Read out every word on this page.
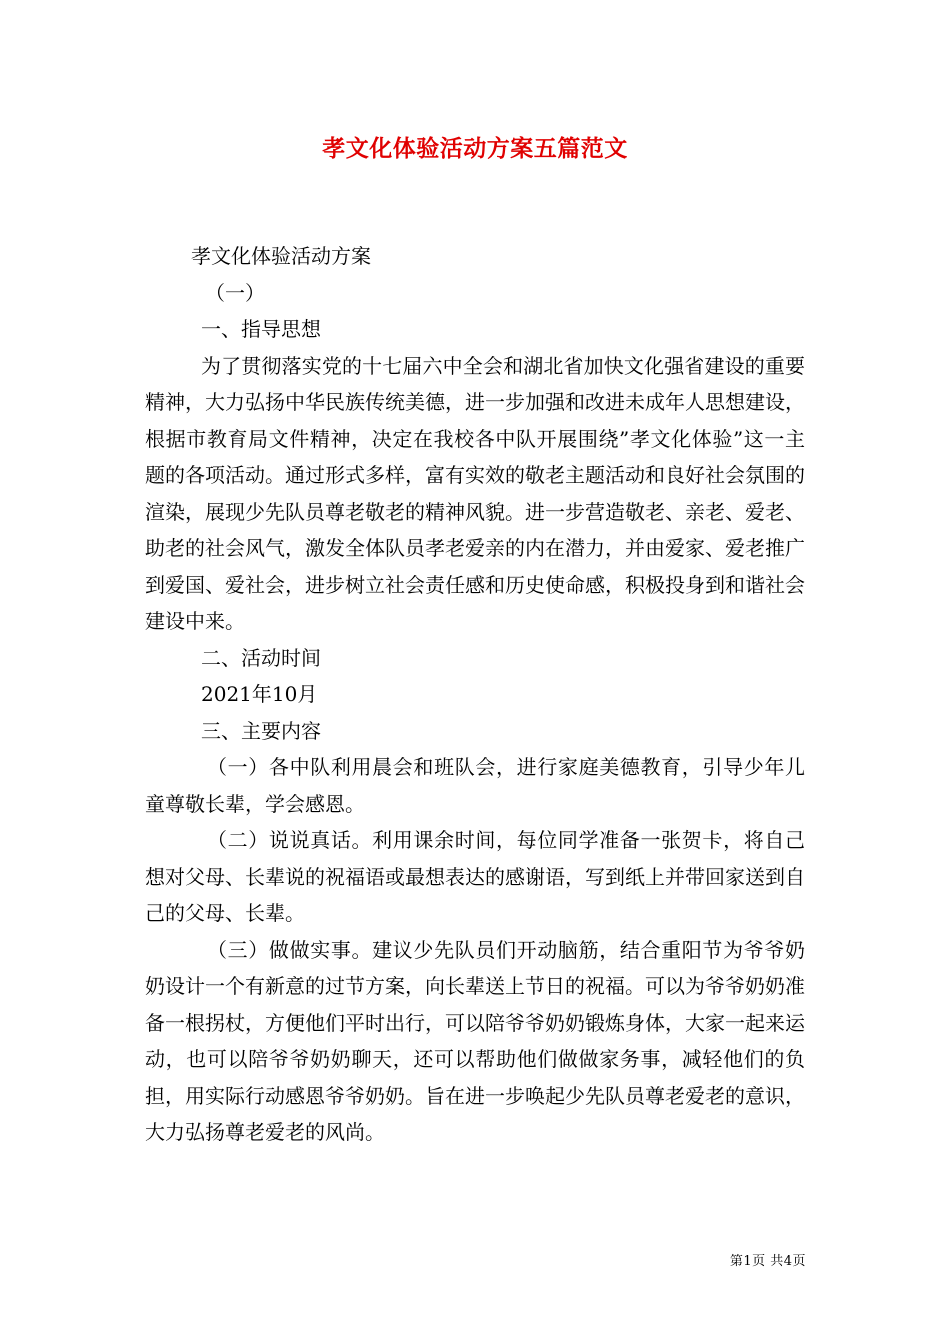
孝文化体验活动方案五篇范文

孝文化体验活动方案

（一）

一、指导思想

为了贯彻落实党的十七届六中全会和湖北省加快文化强省建设的重要精神，大力弘扬中华民族传统美德，进一步加强和改进未成年人思想建设，根据市教育局文件精神，决定在我校各中队开展围绕”孝文化体验”这一主题的各项活动。通过形式多样，富有实效的敬老主题活动和良好社会氛围的渲染，展现少先队员尊老敬老的精神风貌。进一步营造敬老、亲老、爱老、助老的社会风气，激发全体队员孝老爱亲的内在潜力，并由爱家、爱老推广到爱国、爱社会，进步树立社会责任感和历史使命感，积极投身到和谐社会建设中来。

二、活动时间

2021年10月

三、主要内容

（一）各中队利用晨会和班队会，进行家庭美德教育，引导少年儿童尊敬长辈，学会感恩。

（二）说说真话。利用课余时间，每位同学准备一张贺卡，将自己想对父母、长辈说的祝福语或最想表达的感谢语，写到纸上并带回家送到自己的父母、长辈。

（三）做做实事。建议少先队员们开动脑筋，结合重阳节为爷爷奶奶设计一个有新意的过节方案，向长辈送上节日的祝福。可以为爷爷奶奶准备一根拐杖，方便他们平时出行，可以陪爷爷奶奶锻炼身体，大家一起来运动，也可以陪爷爷奶奶聊天，还可以帮助他们做做家务事，减轻他们的负担，用实际行动感恩爷爷奶奶。旨在进一步唤起少先队员尊老爱老的意识，大力弘扬尊老爱老的风尚。

第1页 共4页
